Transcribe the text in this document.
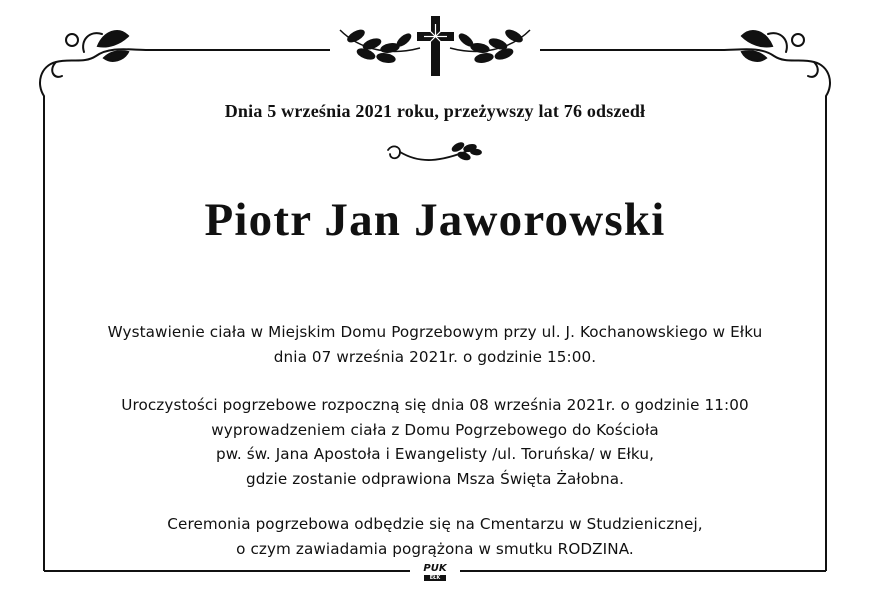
Dnia 5 września 2021 roku, przeżywszy lat 76 odszedł
Piotr Jan Jaworowski
Wystawienie ciała w Miejskim Domu Pogrzebowym przy ul. J. Kochanowskiego w Ełku
dnia 07 września 2021r. o godzinie 15:00.
Uroczystości pogrzebowe rozpoczną się dnia 08 września 2021r. o godzinie 11:00
wyprowadzeniem ciała z Domu Pogrzebowego do Kościoła
pw. św. Jana Apostoła i Ewangelisty /ul. Toruńska/ w Ełku,
gdzie zostanie odprawiona Msza Święta Żałobna.
Ceremonia pogrzebowa odbędzie się na Cmentarzu w Studzienicznej,
o czym zawiadamia pogrążona w smutku RODZINA.
PUK
EŁK
